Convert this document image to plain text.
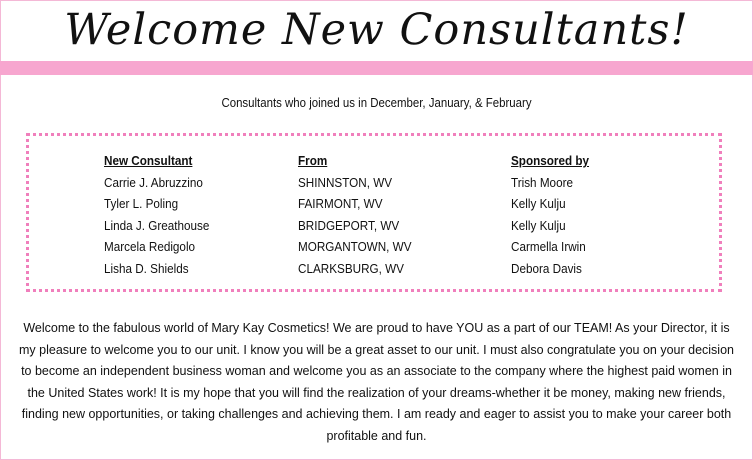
Welcome New Consultants!
Consultants who joined us in December, January, & February
New Consultant
Carrie J. Abruzzino
Tyler L. Poling
Linda J. Greathouse
Marcela Redigolo
Lisha D. Shields
From
SHINNSTON, WV
FAIRMONT, WV
BRIDGEPORT, WV
MORGANTOWN, WV
CLARKSBURG, WV
Sponsored by
Trish Moore
Kelly Kulju
Kelly Kulju
Carmella Irwin
Debora Davis
Welcome to the fabulous world of Mary Kay Cosmetics! We are proud to have YOU as a part of our TEAM! As your Director, it is my pleasure to welcome you to our unit. I know you will be a great asset to our unit. I must also congratulate you on your decision to become an independent business woman and welcome you as an associate to the company where the highest paid women in the United States work! It is my hope that you will find the realization of your dreams-whether it be money, making new friends, finding new opportunities, or taking challenges and achieving them. I am ready and eager to assist you to make your career both profitable and fun.
